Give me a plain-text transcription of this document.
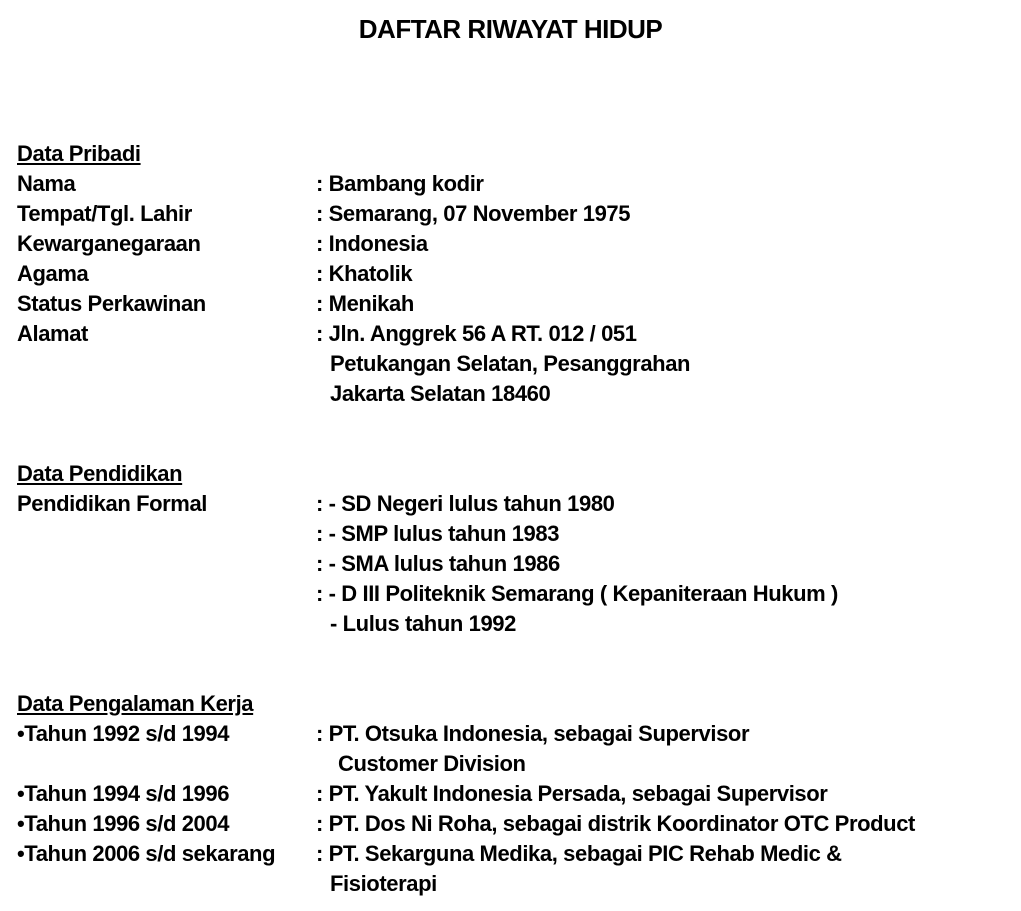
DAFTAR RIWAYAT HIDUP
Data Pribadi
Nama	: Bambang kodir
Tempat/Tgl. Lahir	: Semarang, 07 November 1975
Kewarganegaraan	: Indonesia
Agama	: Khatolik
Status Perkawinan	: Menikah
Alamat	: Jln. Anggrek 56 A RT. 012 / 051
Petukangan Selatan, Pesanggrahan
Jakarta Selatan 18460
Data Pendidikan
Pendidikan Formal	: - SD Negeri lulus tahun 1980
: - SMP lulus tahun 1983
: - SMA lulus tahun 1986
: - D III Politeknik Semarang ( Kepaniteraan Hukum )
- Lulus tahun 1992
Data Pengalaman Kerja
•Tahun 1992 s/d 1994	: PT. Otsuka Indonesia, sebagai Supervisor
Customer Division
•Tahun 1994 s/d 1996	: PT. Yakult Indonesia Persada, sebagai Supervisor
•Tahun 1996 s/d 2004	: PT. Dos Ni Roha, sebagai distrik Koordinator OTC Product
•Tahun 2006 s/d sekarang : PT. Sekarguna Medika, sebagai PIC Rehab Medic &
Fisioterapi
